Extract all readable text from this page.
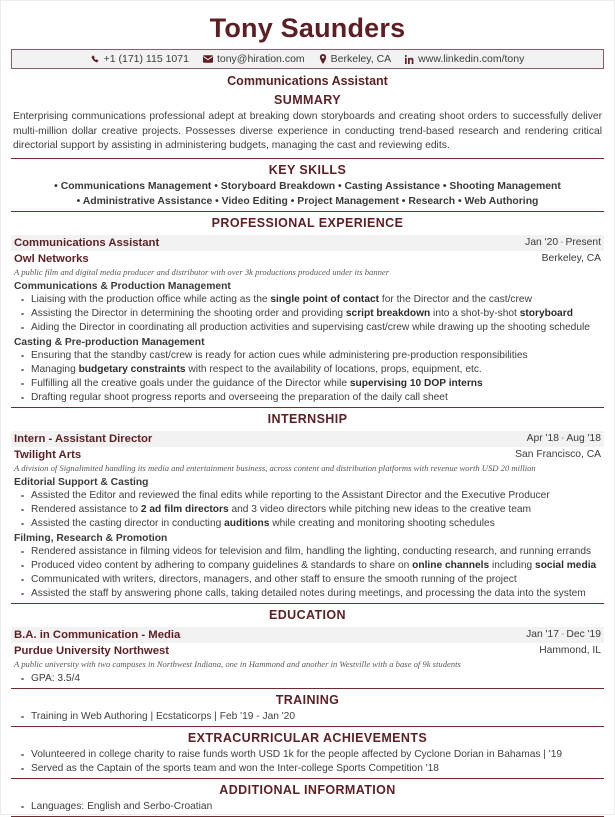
Tony Saunders
+1 (171) 115 1071	tony@hiration.com Berkeley, CA	www.linkedin.com/tony
Communications Assistant
SUMMARY
Enterprising communications professional adept at breaking down storyboards and creating shoot orders to successfully deliver multi-million dollar creative projects. Possesses diverse experience in conducting trend-based research and rendering critical directorial support by assisting in administering budgets, managing the cast and reviewing edits.
KEY SKILLS
• Communications Management • Storyboard Breakdown • Casting Assistance • Shooting Management
• Administrative Assistance • Video Editing • Project Management • Research • Web Authoring
PROFESSIONAL EXPERIENCE
Communications Assistant	Jan '20 - Present
Owl Networks	Berkeley, CA
A public film and digital media producer and distributor with over 3k productions produced under its banner
Communications & Production Management
Liaising with the production office while acting as the single point of contact for the Director and the cast/crew
Assisting the Director in determining the shooting order and providing script breakdown into a shot-by-shot storyboard
Aiding the Director in coordinating all production activities and supervising cast/crew while drawing up the shooting schedule
Casting & Pre-production Management
Ensuring that the standby cast/crew is ready for action cues while administering pre-production responsibilities
Managing budgetary constraints with respect to the availability of locations, props, equipment, etc.
Fulfilling all the creative goals under the guidance of the Director while supervising 10 DOP interns
Drafting regular shoot progress reports and overseeing the preparation of the daily call sheet
INTERNSHIP
Intern - Assistant Director	Apr '18 - Aug '18
Twilight Arts	San Francisco, CA
A division of Signalimited handling its media and entertainment business, across content and distribution platforms with revenue worth USD 20 million
Editorial Support & Casting
Assisted the Editor and reviewed the final edits while reporting to the Assistant Director and the Executive Producer
Rendered assistance to 2 ad film directors and 3 video directors while pitching new ideas to the creative team
Assisted the casting director in conducting auditions while creating and monitoring shooting schedules
Filming, Research & Promotion
Rendered assistance in filming videos for television and film, handling the lighting, conducting research, and running errands
Produced video content by adhering to company guidelines & standards to share on online channels including social media
Communicated with writers, directors, managers, and other staff to ensure the smooth running of the project
Assisted the staff by answering phone calls, taking detailed notes during meetings, and processing the data into the system
EDUCATION
B.A. in Communication - Media	Jan '17 - Dec '19
Purdue University Northwest	Hammond, IL
A public university with two campuses in Northwest Indiana, one in Hammond and another in Westville with a base of 9k students
GPA: 3.5/4
TRAINING
Training in Web Authoring | Ecstaticorps | Feb '19 - Jan '20
EXTRACURRICULAR ACHIEVEMENTS
Volunteered in college charity to raise funds worth USD 1k for the people affected by Cyclone Dorian in Bahamas | '19
Served as the Captain of the sports team and won the Inter-college Sports Competition '18
ADDITIONAL INFORMATION
Languages: English and Serbo-Croatian
